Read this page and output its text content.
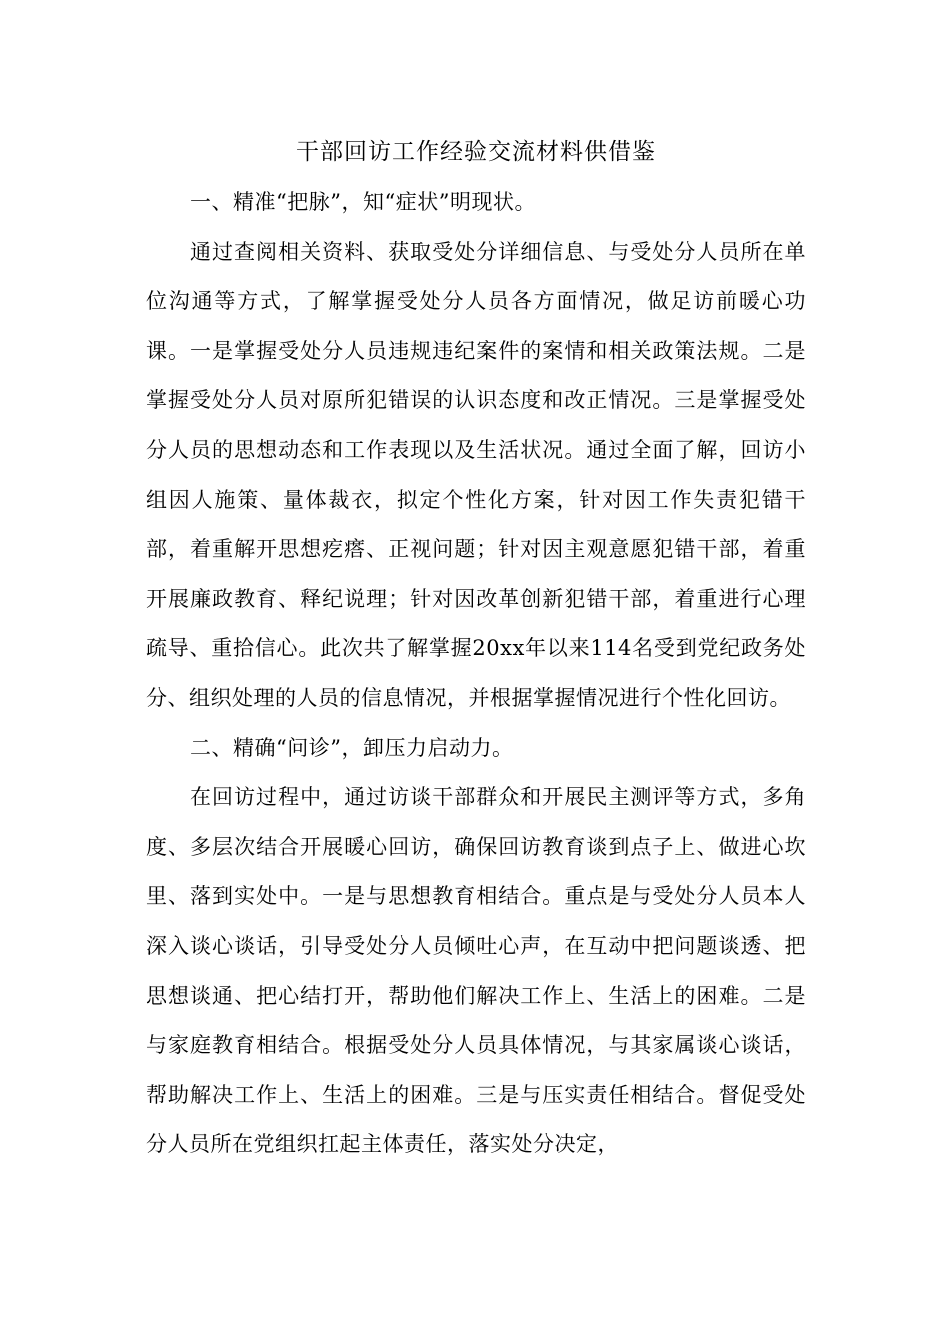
干部回访工作经验交流材料供借鉴

一、精准“把脉”，知“症状”明现状。

通过查阅相关资料、获取受处分详细信息、与受处分人员所在单位沟通等方式，了解掌握受处分人员各方面情况，做足访前暖心功课。一是掌握受处分人员违规违纪案件的案情和相关政策法规。二是掌握受处分人员对原所犯错误的认识态度和改正情况。三是掌握受处分人员的思想动态和工作表现以及生活状况。通过全面了解，回访小组因人施策、量体裁衣，拟定个性化方案，针对因工作失责犯错干部，着重解开思想疙瘩、正视问题；针对因主观意愿犯错干部，着重开展廉政教育、释纪说理；针对因改革创新犯错干部，着重进行心理疏导、重拾信心。此次共了解掌握20xx年以来114名受到党纪政务处分、组织处理的人员的信息情况，并根据掌握情况进行个性化回访。

二、精确“问诊”，卸压力启动力。

在回访过程中，通过访谈干部群众和开展民主测评等方式，多角度、多层次结合开展暖心回访，确保回访教育谈到点子上、做进心坎里、落到实处中。一是与思想教育相结合。重点是与受处分人员本人深入谈心谈话，引导受处分人员倾吐心声，在互动中把问题谈透、把思想谈通、把心结打开，帮助他们解决工作上、生活上的困难。二是与家庭教育相结合。根据受处分人员具体情况，与其家属谈心谈话，帮助解决工作上、生活上的困难。三是与压实责任相结合。督促受处分人员所在党组织扛起主体责任，落实处分决定，
